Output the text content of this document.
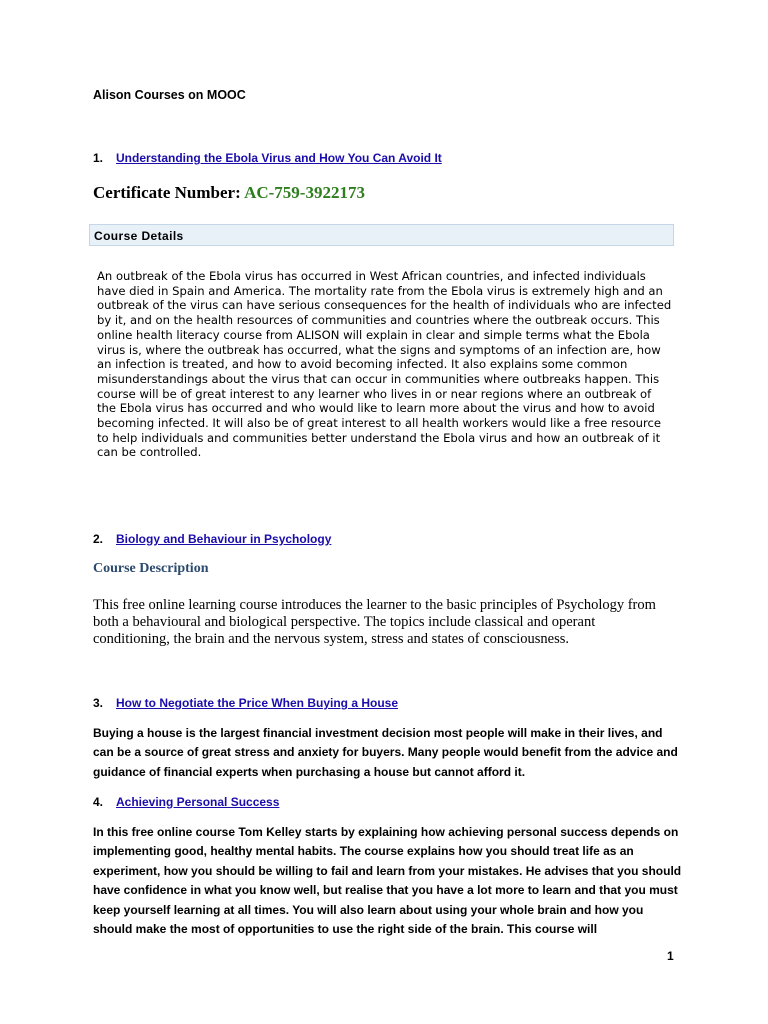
Alison Courses on MOOC
1. Understanding the Ebola Virus and How You Can Avoid It
Certificate Number: AC-759-3922173
Course Details

An outbreak of the Ebola virus has occurred in West African countries, and infected individuals have died in Spain and America. The mortality rate from the Ebola virus is extremely high and an outbreak of the virus can have serious consequences for the health of individuals who are infected by it, and on the health resources of communities and countries where the outbreak occurs. This online health literacy course from ALISON will explain in clear and simple terms what the Ebola virus is, where the outbreak has occurred, what the signs and symptoms of an infection are, how an infection is treated, and how to avoid becoming infected. It also explains some common misunderstandings about the virus that can occur in communities where outbreaks happen. This course will be of great interest to any learner who lives in or near regions where an outbreak of the Ebola virus has occurred and who would like to learn more about the virus and how to avoid becoming infected. It will also be of great interest to all health workers would like a free resource to help individuals and communities better understand the Ebola virus and how an outbreak of it can be controlled.

2. Biology and Behaviour in Psychology
Course Description

This free online learning course introduces the learner to the basic principles of Psychology from both a behavioural and biological perspective. The topics include classical and operant conditioning, the brain and the nervous system, stress and states of consciousness.

3. How to Negotiate the Price When Buying a House

Buying a house is the largest financial investment decision most people will make in their lives, and can be a source of great stress and anxiety for buyers. Many people would benefit from the advice and guidance of financial experts when purchasing a house but cannot afford it.

4. Achieving Personal Success

In this free online course Tom Kelley starts by explaining how achieving personal success depends on implementing good, healthy mental habits. The course explains how you should treat life as an experiment, how you should be willing to fail and learn from your mistakes. He advises that you should have confidence in what you know well, but realise that you have a lot more to learn and that you must keep yourself learning at all times. You will also learn about using your whole brain and how you should make the most of opportunities to use the right side of the brain. This course will

1
